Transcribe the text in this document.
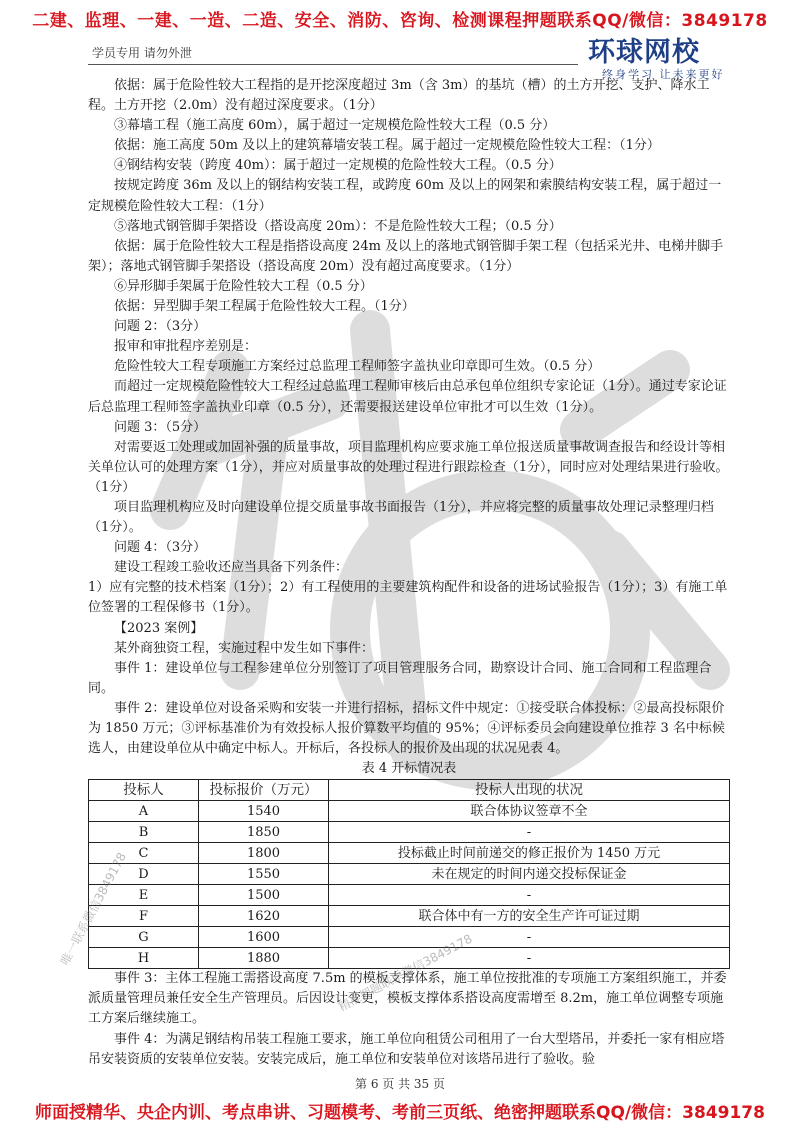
二建、监理、一建、一造、二造、安全、消防、咨询、检测课程押题联系QQ/微信：3849178
学员专用 请勿外泄	环球网校
终身学习 让未来更好

依据：属于危险性较大工程指的是开挖深度超过 3m（含 3m）的基坑（槽）的土方开挖、支护、降水工程。土方开挖（2.0m）没有超过深度要求。（1分）

③幕墙工程（施工高度 60m），属于超过一定规模危险性较大工程（0.5 分）

依据：施工高度 50m 及以上的建筑幕墙安装工程。属于超过一定规模危险性较大工程：（1分）

④钢结构安装（跨度 40m）：属于超过一定规模的危险性较大工程。（0.5 分）

按规定跨度 36m 及以上的钢结构安装工程，或跨度 60m 及以上的网架和索膜结构安装工程，属于超过一定规模危险性较大工程：（1分）

⑤落地式钢管脚手架搭设（搭设高度 20m）：不是危险性较大工程；（0.5 分）

依据：属于危险性较大工程是指搭设高度 24m 及以上的落地式钢管脚手架工程（包括采光井、电梯井脚手架）；落地式钢管脚手架搭设（搭设高度 20m）没有超过高度要求。（1分）

⑥异形脚手架属于危险性较大工程（0.5 分）

依据：异型脚手架工程属于危险性较大工程。（1分）

问题 2：（3分）

报审和审批程序差别是：

危险性较大工程专项施工方案经过总监理工程师签字盖执业印章即可生效。（0.5 分）

而超过一定规模危险性较大工程经过总监理工程师审核后由总承包单位组织专家论证（1分）。通过专家论证后总监理工程师签字盖执业印章（0.5 分），还需要报送建设单位审批才可以生效（1分）。

问题 3：（5分）

对需要返工处理或加固补强的质量事故，项目监理机构应要求施工单位报送质量事故调查报告和经设计等相关单位认可的处理方案（1分），并应对质量事故的处理过程进行跟踪检查（1分），同时应对处理结果进行验收。（1分）

项目监理机构应及时向建设单位提交质量事故书面报告（1分），并应将完整的质量事故处理记录整理归档（1分）。

问题 4：（3分）

建设工程竣工验收还应当具备下列条件：

1）应有完整的技术档案（1分）；2）有工程使用的主要建筑构配件和设备的进场试验报告（1分）；3）有施工单位签署的工程保修书（1分）。

【2023 案例】

某外商独资工程，实施过程中发生如下事件：

事件 1：建设单位与工程参建单位分别签订了项目管理服务合同，勘察设计合同、施工合同和工程监理合同。

事件 2：建设单位对设备采购和安装一并进行招标，招标文件中规定：①接受联合体投标：②最高投标限价为 1850 万元；③评标基准价为有效投标人报价算数平均值的 95%；④评标委员会向建设单位推荐 3 名中标候选人，由建设单位从中确定中标人。开标后，各投标人的报价及出现的状况见表 4。

表 4 开标情况表

投标人	投标报价（万元）	投标人出现的状况
A	1540	联合体协议签章不全
B	1850	-
C	1800	投标截止时间前递交的修正报价为 1450 万元
D	1550	未在规定的时间内递交投标保证金
E	1500	-
F	1620	联合体中有一方的安全生产许可证过期
G	1600	-
H	1880	-

事件 3：主体工程施工需搭设高度 7.5m 的模板支撑体系，施工单位按批准的专项施工方案组织施工，并委派质量管理员兼任安全生产管理员。后因设计变更，模板支撑体系搭设高度需增至 8.2m，施工单位调整专项施工方案后继续施工。

事件 4：为满足钢结构吊装工程施工要求，施工单位向租赁公司租用了一台大型塔吊，并委托一家有相应塔吊安装资质的安装单位安装。安装完成后，施工单位和安装单位对该塔吊进行了验收。验

唯一联系微信3849178
精准押题联系微信3849178
第 6 页 共 35 页
师面授精华、央企内训、考点串讲、习题模考、考前三页纸、绝密押题联系QQ/微信：3849178
